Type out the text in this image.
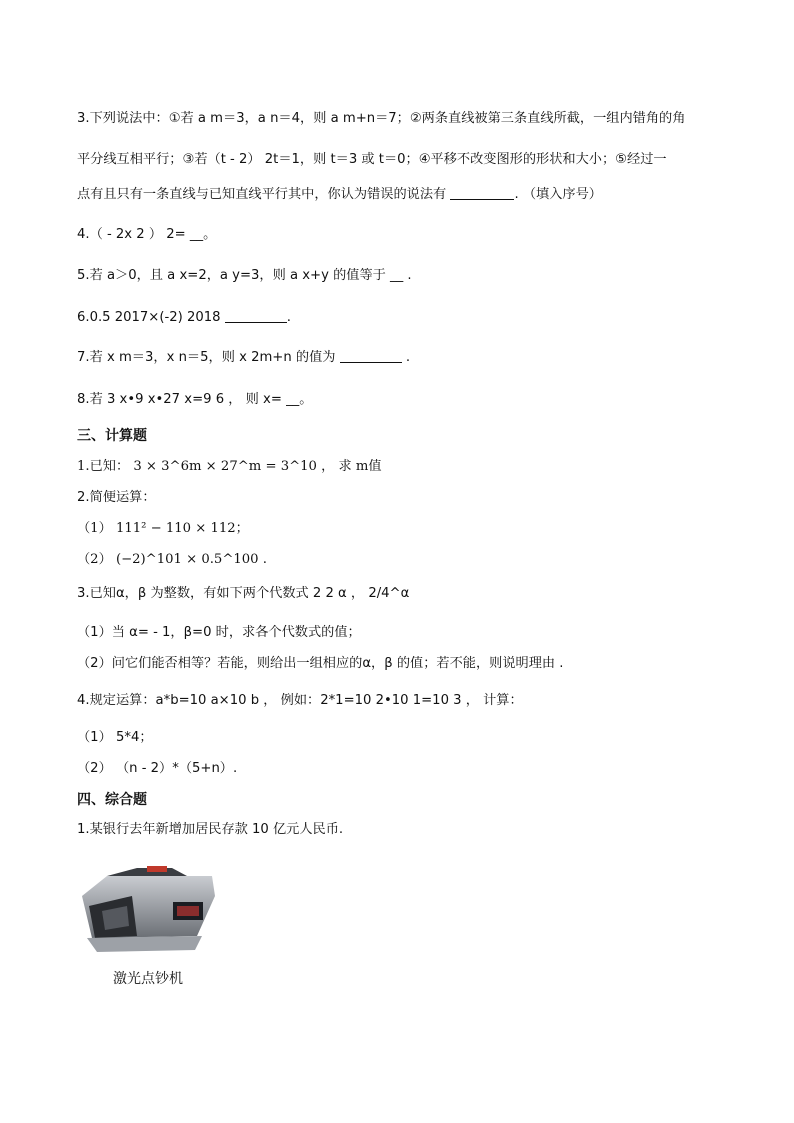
3.下列说法中：①若 a m＝3，a n＝4，则 a m+n＝7；②两条直线被第三条直线所截，一组内错角的角
平分线互相平行；③若（t - 2） 2t＝1，则 t＝3 或 t＝0；④平移不改变图形的形状和大小；⑤经过一
点有且只有一条直线与已知直线平行其中，你认为错误的说法有	. （填入序号）
4.（ - 2x 2 ） 2= __。
5.若 a＞0，且 a x=2，a y=3，则 a x+y 的值等于 __ .
6.0.5 2017×(-2) 2018	.
7.若 x m＝3，x n＝5，则 x 2m+n 的值为	.
8.若 3 x•9 x•27 x=9 6 ， 则 x= __。
三、计算题
1.已知： 3 × 3^6m × 27^m = 3^10 ， 求 m值
2.简便运算：
（1） 111² − 110 × 112；
（2） (−2)^101 × 0.5^100 .
3.已知α，β 为整数，有如下两个代数式 2 2 α ， 2/4^α
（1）当 α= - 1，β=0 时，求各个代数式的值；
（2）问它们能否相等？若能，则给出一组相应的α，β 的值；若不能，则说明理由 .
4.规定运算：a*b=10 a×10 b ， 例如：2*1=10 2•10 1=10 3 ， 计算：
（1） 5*4；
（2） （n - 2）*（5+n）.
四、综合题
1.某银行去年新增加居民存款 10 亿元人民币.
激光点钞机
